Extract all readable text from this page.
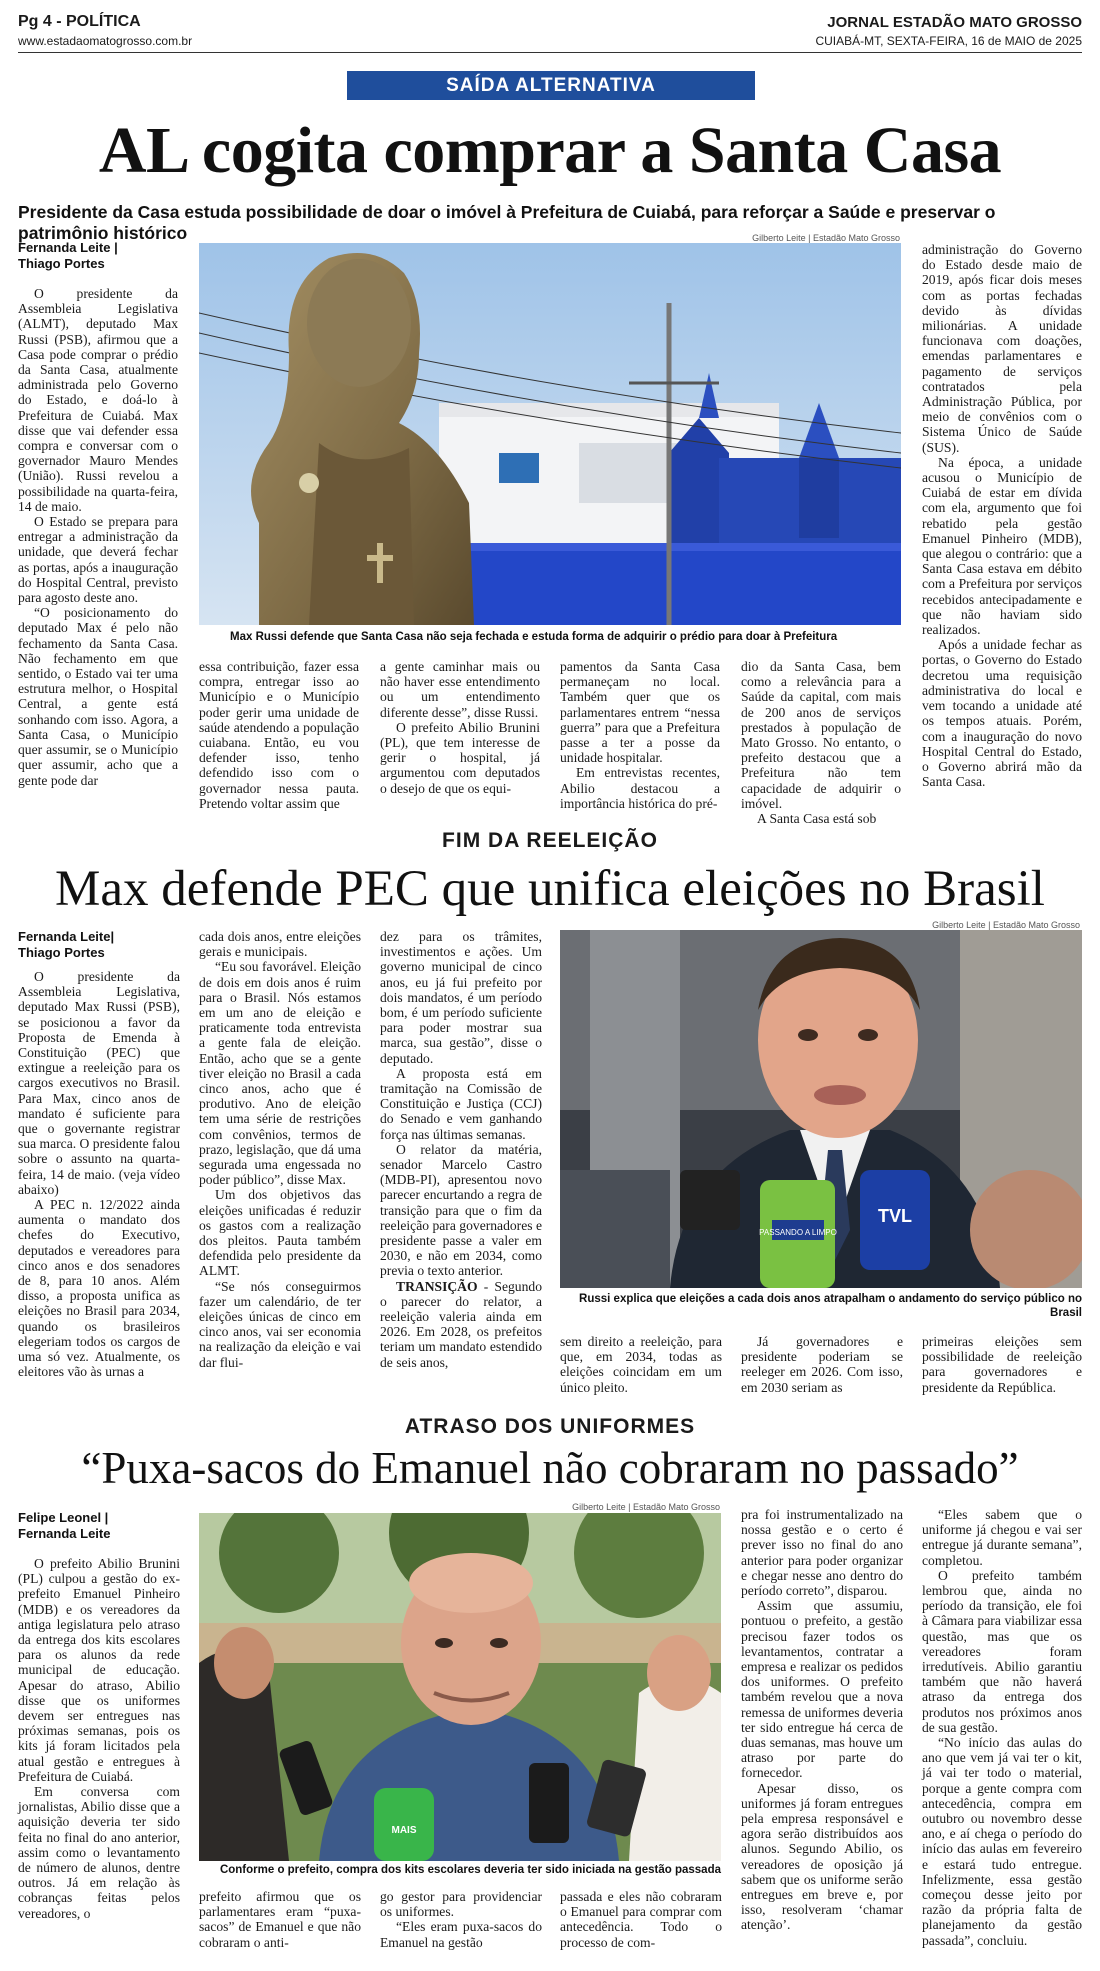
Pg 4 - POLÍTICA
www.estadaomatogrosso.com.br
JORNAL ESTADÃO MATO GROSSO
CUIABÁ-MT, SEXTA-FEIRA, 16 de MAIO de 2025
SAÍDA ALTERNATIVA
AL cogita comprar a Santa Casa
Presidente da Casa estuda possibilidade de doar o imóvel à Prefeitura de Cuiabá, para reforçar a Saúde e preservar o patrimônio histórico
Fernanda Leite |
Thiago Portes

O presidente da Assembleia Legislativa (ALMT), deputado Max Russi (PSB), afirmou que a Casa pode comprar o prédio da Santa Casa, atualmente administrada pelo Governo do Estado, e doá-lo à Prefeitura de Cuiabá. Max disse que vai defender essa compra e conversar com o governador Mauro Mendes (União). Russi revelou a possibilidade na quarta-feira, 14 de maio.

O Estado se prepara para entregar a administração da unidade, que deverá fechar as portas, após a inauguração do Hospital Central, previsto para agosto deste ano.

“O posicionamento do deputado Max é pelo não fechamento da Santa Casa. Não fechamento em que sentido, o Estado vai ter uma estrutura melhor, o Hospital Central, a gente está sonhando com isso. Agora, a Santa Casa, o Município quer assumir, se o Município quer assumir, acho que a gente pode dar

Gilberto Leite | Estadão Mato Grosso
Max Russi defende que Santa Casa não seja fechada e estuda forma de adquirir o prédio para doar à Prefeitura

essa contribuição, fazer essa compra, entregar isso ao Município e o Município poder gerir uma unidade de saúde atendendo a população cuiabana. Então, eu vou defender isso, tenho defendido isso com o governador nessa pauta. Pretendo voltar assim que

a gente caminhar mais ou não haver esse entendimento ou um entendimento diferente desse”, disse Russi.

O prefeito Abilio Brunini (PL), que tem interesse de gerir o hospital, já argumentou com deputados o desejo de que os equi-

pamentos da Santa Casa permaneçam no local. Também quer que os parlamentares entrem “nessa guerra” para que a Prefeitura passe a ter a posse da unidade hospitalar.

Em entrevistas recentes, Abilio destacou a importância histórica do pré-

dio da Santa Casa, bem como a relevância para a Saúde da capital, com mais de 200 anos de serviços prestados à população de Mato Grosso. No entanto, o prefeito destacou que a Prefeitura não tem capacidade de adquirir o imóvel.

A Santa Casa está sob

administração do Governo do Estado desde maio de 2019, após ficar dois meses com as portas fechadas devido às dívidas milionárias. A unidade funcionava com doações, emendas parlamentares e pagamento de serviços contratados pela Administração Pública, por meio de convênios com o Sistema Único de Saúde (SUS).

Na época, a unidade acusou o Município de Cuiabá de estar em dívida com ela, argumento que foi rebatido pela gestão Emanuel Pinheiro (MDB), que alegou o contrário: que a Santa Casa estava em débito com a Prefeitura por serviços recebidos antecipadamente e que não haviam sido realizados.

Após a unidade fechar as portas, o Governo do Estado decretou uma requisição administrativa do local e vem tocando a unidade até os tempos atuais. Porém, com a inauguração do novo Hospital Central do Estado, o Governo abrirá mão da Santa Casa.

FIM DA REELEIÇÃO
Max defende PEC que unifica eleições no Brasil
Fernanda Leite|
Thiago Portes

O presidente da Assembleia Legislativa, deputado Max Russi (PSB), se posicionou a favor da Proposta de Emenda à Constituição (PEC) que extingue a reeleição para os cargos executivos no Brasil. Para Max, cinco anos de mandato é suficiente para que o governante registrar sua marca. O presidente falou sobre o assunto na quarta-feira, 14 de maio. (veja vídeo abaixo)

A PEC n. 12/2022 ainda aumenta o mandato dos chefes do Executivo, deputados e vereadores para cinco anos e dos senadores de 8, para 10 anos. Além disso, a proposta unifica as eleições no Brasil para 2034, quando os brasileiros elegeriam todos os cargos de uma só vez. Atualmente, os eleitores vão às urnas a

cada dois anos, entre eleições gerais e municipais.

“Eu sou favorável. Eleição de dois em dois anos é ruim para o Brasil. Nós estamos em um ano de eleição e praticamente toda entrevista a gente fala de eleição. Então, acho que se a gente tiver eleição no Brasil a cada cinco anos, acho que é produtivo. Ano de eleição tem uma série de restrições com convênios, termos de prazo, legislação, que dá uma segurada uma engessada no poder público”, disse Max.

Um dos objetivos das eleições unificadas é reduzir os gastos com a realização dos pleitos. Pauta também defendida pelo presidente da ALMT.

“Se nós conseguirmos fazer um calendário, de ter eleições únicas de cinco em cinco anos, vai ser economia na realização da eleição e vai dar flui-

dez para os trâmites, investimentos e ações. Um governo municipal de cinco anos, eu já fui prefeito por dois mandatos, é um período bom, é um período suficiente para poder mostrar sua marca, sua gestão”, disse o deputado.

A proposta está em tramitação na Comissão de Constituição e Justiça (CCJ) do Senado e vem ganhando força nas últimas semanas.

O relator da matéria, senador Marcelo Castro (MDB-PI), apresentou novo parecer encurtando a regra de transição para que o fim da reeleição para governadores e presidente passe a valer em 2030, e não em 2034, como previa o texto anterior.

TRANSIÇÃO - Segundo o parecer do relator, a reeleição valeria ainda em 2026. Em 2028, os prefeitos teriam um mandato estendido de seis anos,

Gilberto Leite | Estadão Mato Grosso
PASSANDO A LIMPO
TVL
Russi explica que eleições a cada dois anos atrapalham o andamento do serviço público no Brasil

sem direito a reeleição, para que, em 2034, todas as eleições coincidam em um único pleito.

Já governadores e presidente poderiam se reeleger em 2026. Com isso, em 2030 seriam as

primeiras eleições sem possibilidade de reeleição para governadores e presidente da República.

ATRASO DOS UNIFORMES
“Puxa-sacos do Emanuel não cobraram no passado”
Felipe Leonel |
Fernanda Leite

O prefeito Abilio Brunini (PL) culpou a gestão do ex-prefeito Emanuel Pinheiro (MDB) e os vereadores da antiga legislatura pelo atraso da entrega dos kits escolares para os alunos da rede municipal de educação. Apesar do atraso, Abilio disse que os uniformes devem ser entregues nas próximas semanas, pois os kits já foram licitados pela atual gestão e entregues à Prefeitura de Cuiabá.

Em conversa com jornalistas, Abilio disse que a aquisição deveria ter sido feita no final do ano anterior, assim como o levantamento de número de alunos, dentre outros. Já em relação às cobranças feitas pelos vereadores, o

Gilberto Leite | Estadão Mato Grosso
MAIS
Conforme o prefeito, compra dos kits escolares deveria ter sido iniciada na gestão passada

prefeito afirmou que os parlamentares eram “puxa-sacos” de Emanuel e que não cobraram o anti-

go gestor para providenciar os uniformes.

“Eles eram puxa-sacos do Emanuel na gestão

passada e eles não cobraram o Emanuel para comprar com antecedência. Todo o processo de com-

pra foi instrumentalizado na nossa gestão e o certo é prever isso no final do ano anterior para poder organizar e chegar nesse ano dentro do período correto”, disparou.

Assim que assumiu, pontuou o prefeito, a gestão precisou fazer todos os levantamentos, contratar a empresa e realizar os pedidos dos uniformes. O prefeito também revelou que a nova remessa de uniformes deveria ter sido entregue há cerca de duas semanas, mas houve um atraso por parte do fornecedor.

Apesar disso, os uniformes já foram entregues pela empresa responsável e agora serão distribuídos aos alunos. Segundo Abilio, os vereadores de oposição já sabem que os uniforme serão entregues em breve e, por isso, resolveram ‘chamar atenção’.

“Eles sabem que o uniforme já chegou e vai ser entregue já durante semana”, completou.

O prefeito também lembrou que, ainda no período da transição, ele foi à Câmara para viabilizar essa questão, mas que os vereadores foram irredutíveis. Abilio garantiu também que não haverá atraso da entrega dos produtos nos próximos anos de sua gestão.

“No início das aulas do ano que vem já vai ter o kit, já vai ter todo o material, porque a gente compra com antecedência, compra em outubro ou novembro desse ano, e aí chega o período do início das aulas em fevereiro e estará tudo entregue. Infelizmente, essa gestão começou desse jeito por razão da própria falta de planejamento da gestão passada”, concluiu.
